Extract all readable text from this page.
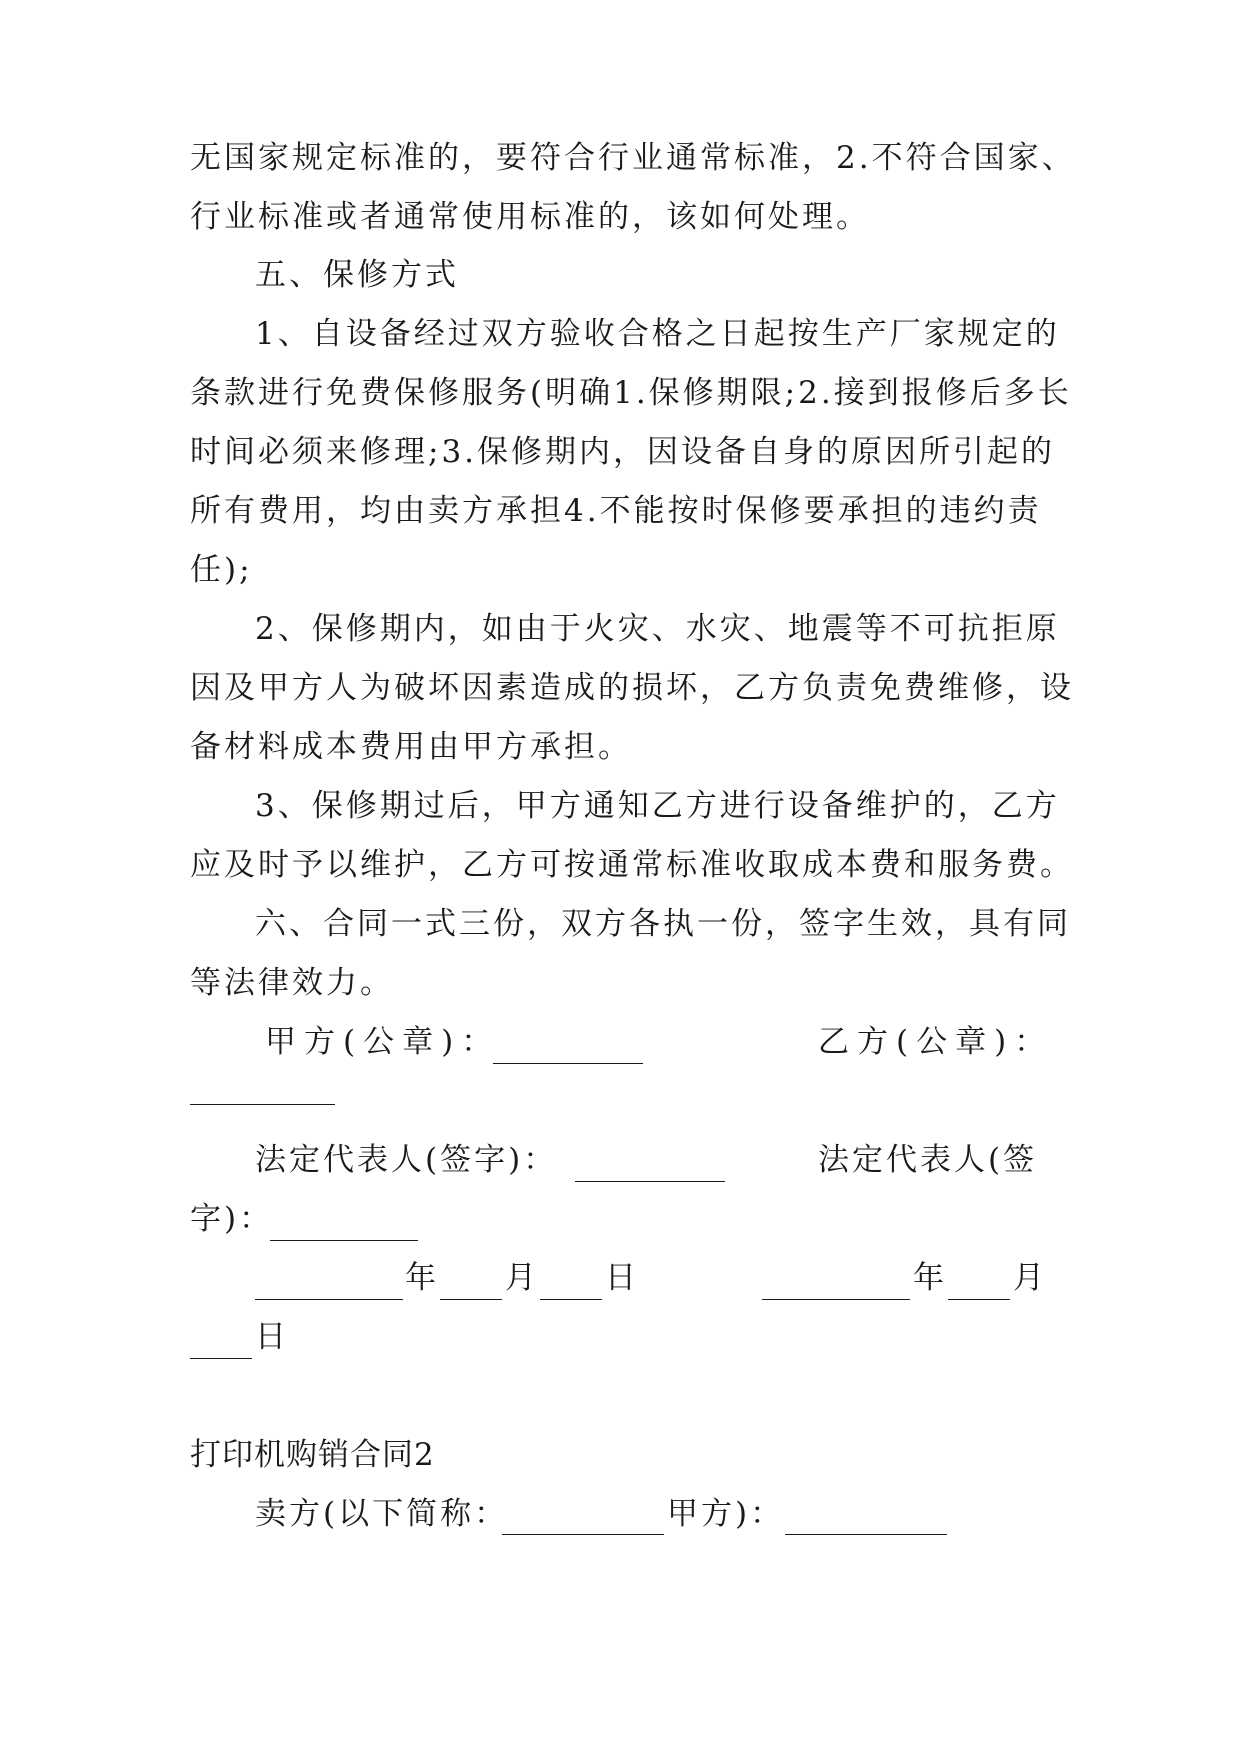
无国家规定标准的，要符合行业通常标准，2.不符合国家、
行业标准或者通常使用标准的，该如何处理。
五、保修方式
1、自设备经过双方验收合格之日起按生产厂家规定的
条款进行免费保修服务(明确1.保修期限;2.接到报修后多长
时间必须来修理;3.保修期内，因设备自身的原因所引起的
所有费用，均由卖方承担4.不能按时保修要承担的违约责
任);
2、保修期内，如由于火灾、水灾、地震等不可抗拒原
因及甲方人为破坏因素造成的损坏，乙方负责免费维修，设
备材料成本费用由甲方承担。
3、保修期过后，甲方通知乙方进行设备维护的，乙方
应及时予以维护，乙方可按通常标准收取成本费和服务费。
六、合同一式三份，双方各执一份，签字生效，具有同
等法律效力。
甲方(公章)：	乙方(公章)：
法定代表人(签字)：	法定代表人(签
字)：
年 月 日	年 月
日
打印机购销合同2
卖方(以下简称：	甲方)：
